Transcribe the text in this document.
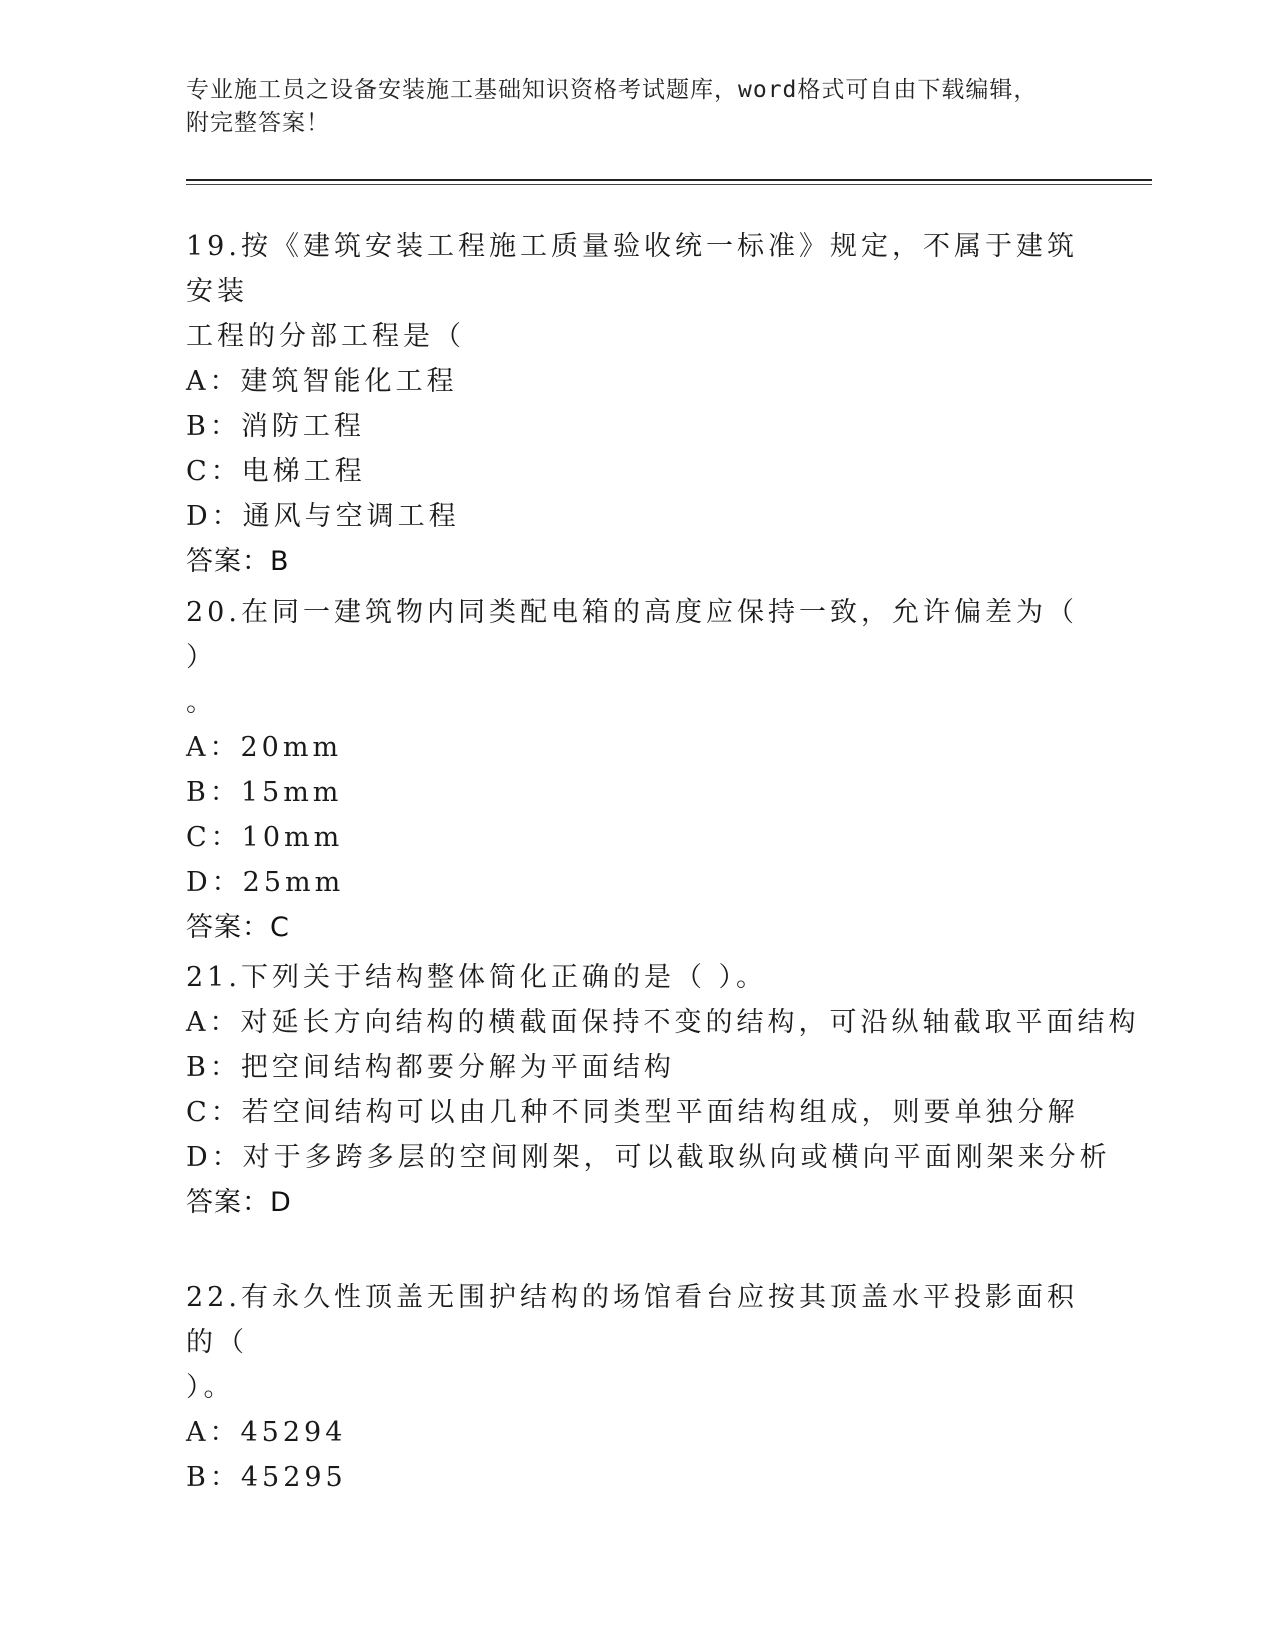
专业施工员之设备安装施工基础知识资格考试题库，word格式可自由下载编辑，
附完整答案！
19.按《建筑安装工程施工质量验收统一标准》规定，不属于建筑安装
工程的分部工程是（
A：建筑智能化工程
B：消防工程
C：电梯工程
D：通风与空调工程
答案：B
20.在同一建筑物内同类配电箱的高度应保持一致，允许偏差为（ ）
。
A：20mm
B：15mm
C：10mm
D：25mm
答案：C
21.下列关于结构整体简化正确的是（ ）。
A：对延长方向结构的横截面保持不变的结构，可沿纵轴截取平面结构
B：把空间结构都要分解为平面结构
C：若空间结构可以由几种不同类型平面结构组成，则要单独分解
D：对于多跨多层的空间刚架，可以截取纵向或横向平面刚架来分析
答案：D
22.有永久性顶盖无围护结构的场馆看台应按其顶盖水平投影面积的（
）。
A：45294
B：45295
